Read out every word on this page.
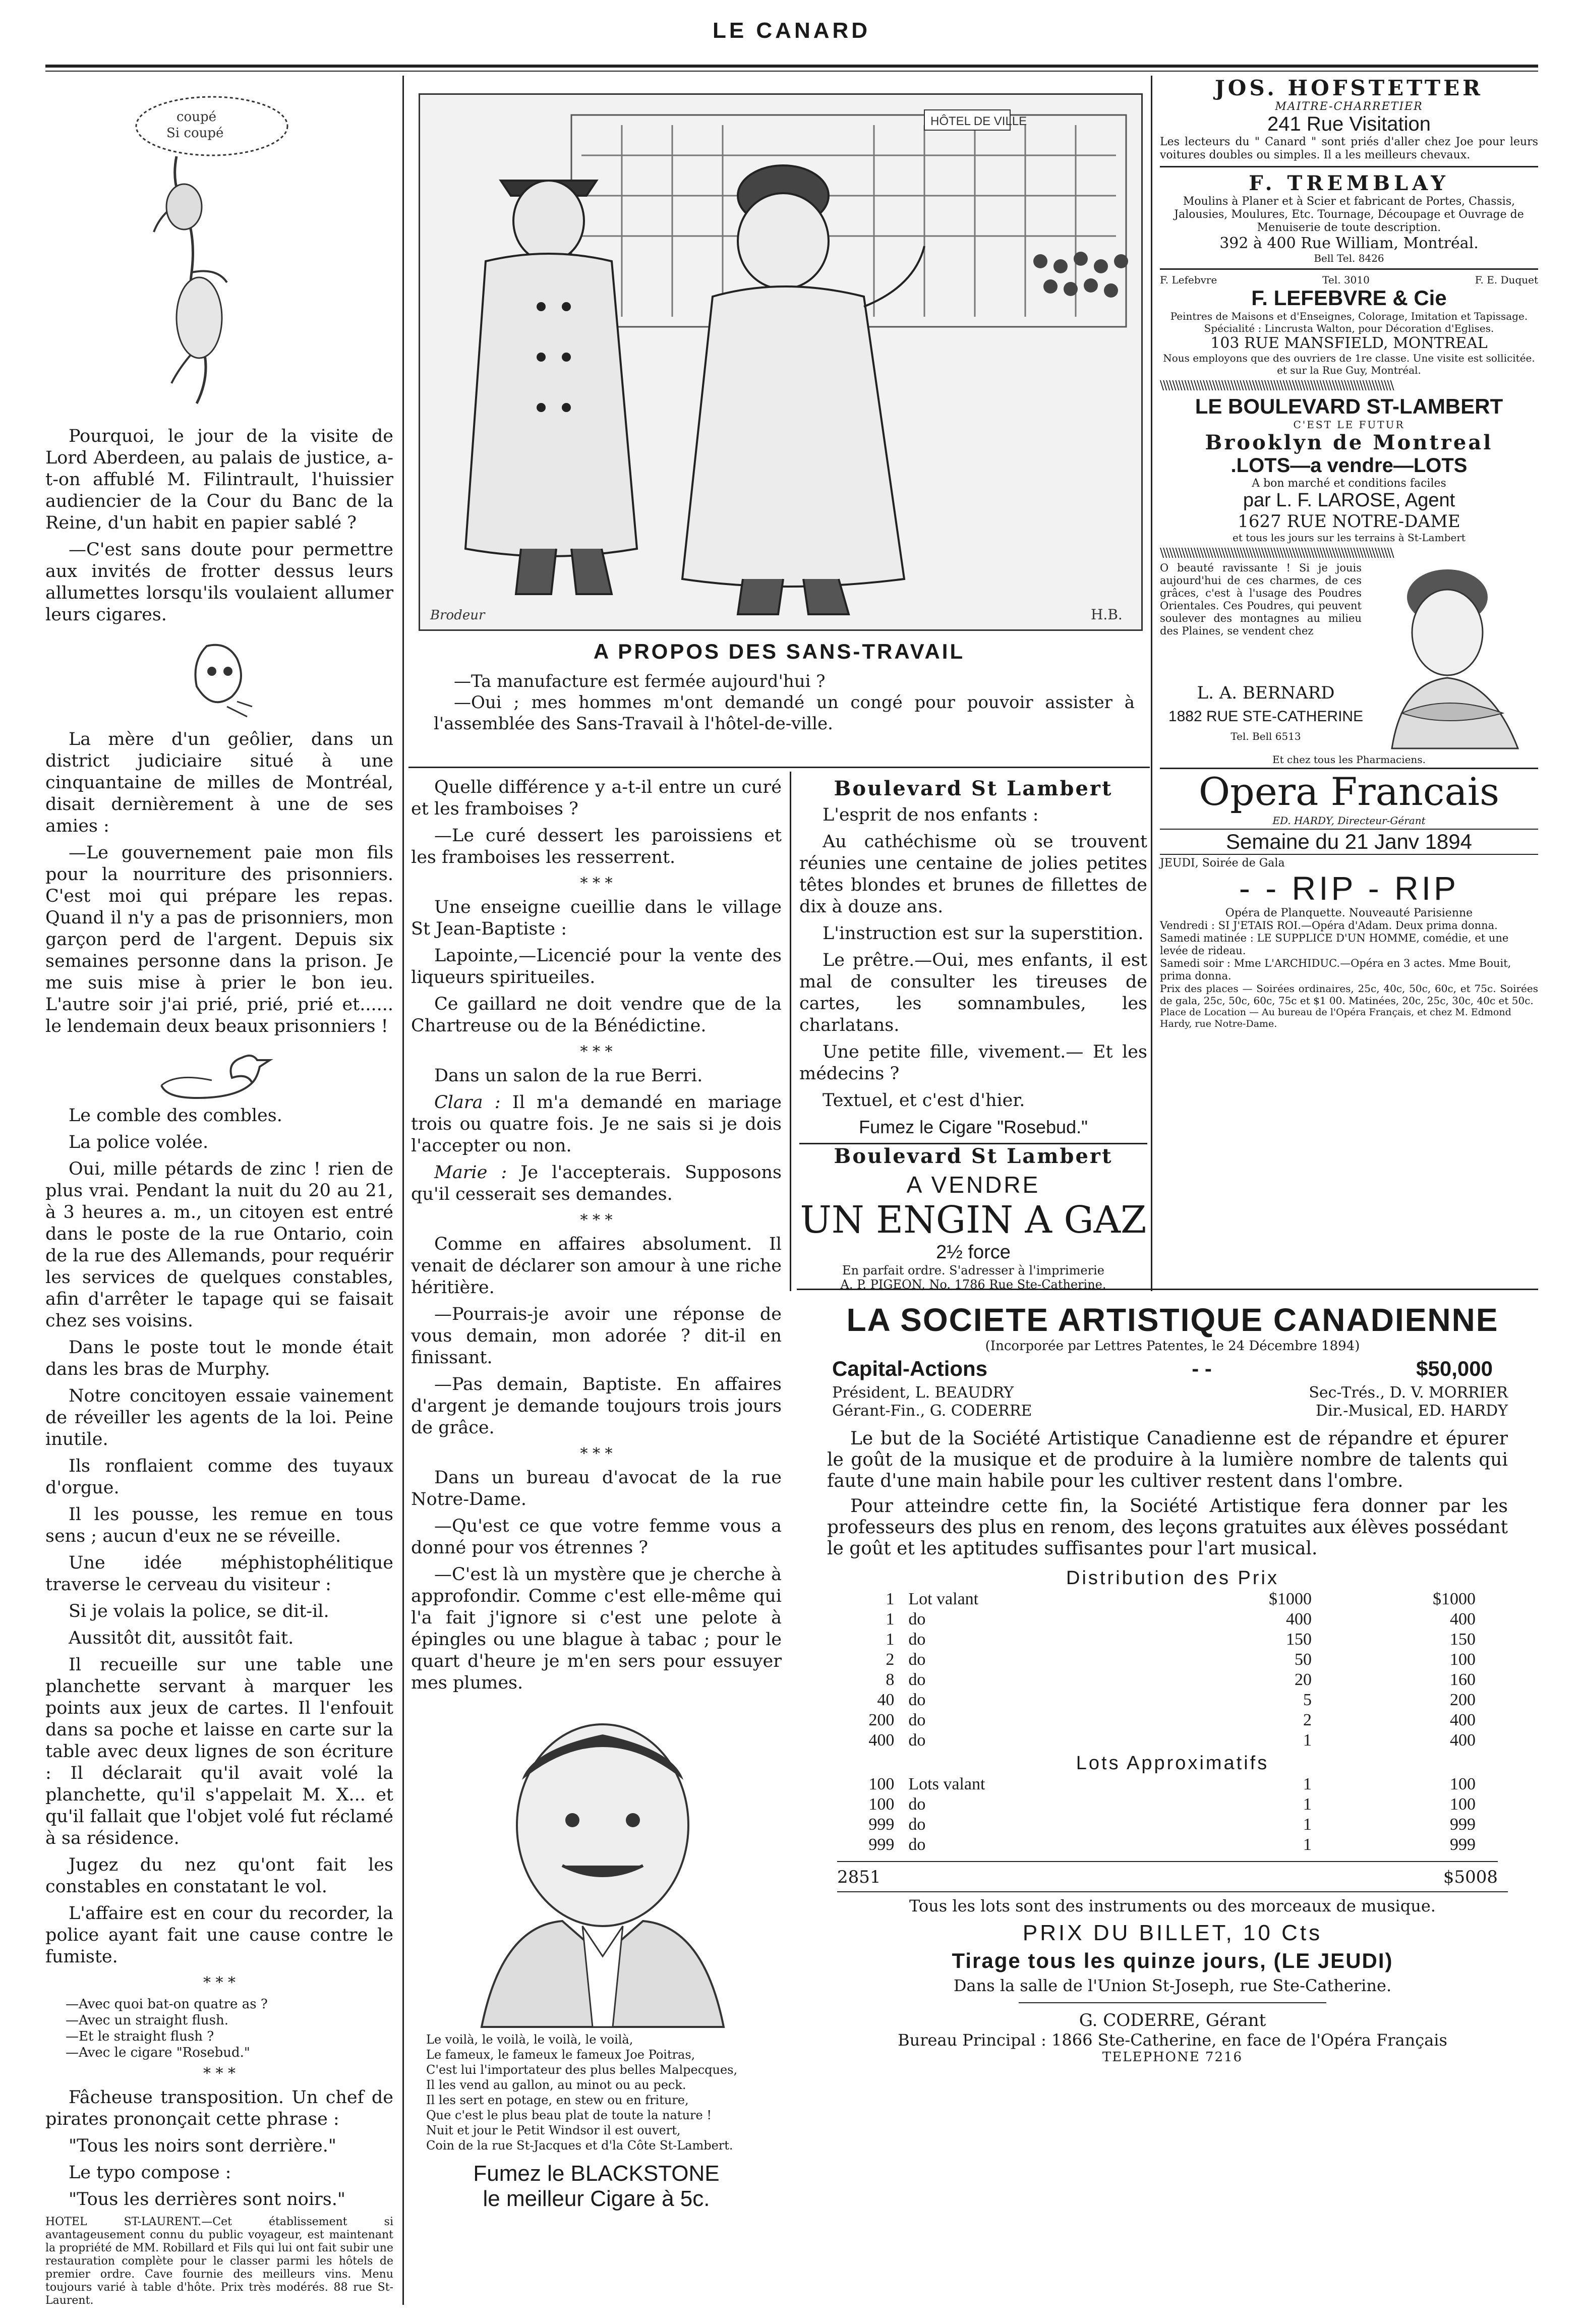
LE CANARD
coupé
Si coupé

Pourquoi, le jour de la visite de Lord Aberdeen, au palais de justice, a-t-on affublé M. Filintrault, l'huissier audiencier de la Cour du Banc de la Reine, d'un habit en papier sablé ?

—C'est sans doute pour permettre aux invités de frotter dessus leurs allumettes lorsqu'ils voulaient allumer leurs cigares.

La mère d'un geôlier, dans un district judiciaire situé à une cinquantaine de milles de Montréal, disait dernièrement à une de ses amies :

—Le gouvernement paie mon fils pour la nourriture des prisonniers. C'est moi qui prépare les repas. Quand il n'y a pas de prisonniers, mon garçon perd de l'argent. Depuis six semaines personne dans la prison. Je me suis mise à prier le bon ieu. L'autre soir j'ai prié, prié, prié et...... le lendemain deux beaux prisonniers !

Le comble des combles.

La police volée.

Oui, mille pétards de zinc ! rien de plus vrai. Pendant la nuit du 20 au 21, à 3 heures a. m., un citoyen est entré dans le poste de la rue Ontario, coin de la rue des Allemands, pour requérir les services de quelques constables, afin d'arrêter le tapage qui se faisait chez ses voisins.

Dans le poste tout le monde était dans les bras de Murphy.

Notre concitoyen essaie vainement de réveiller les agents de la loi. Peine inutile.

Ils ronflaient comme des tuyaux d'orgue.

Il les pousse, les remue en tous sens ; aucun d'eux ne se réveille.

Une idée méphistophélitique traverse le cerveau du visiteur :

Si je volais la police, se dit-il.

Aussitôt dit, aussitôt fait.

Il recueille sur une table une planchette servant à marquer les points aux jeux de cartes. Il l'enfouit dans sa poche et laisse en carte sur la table avec deux lignes de son écriture : Il déclarait qu'il avait volé la planchette, qu'il s'appelait M. X... et qu'il fallait que l'objet volé fut réclamé à sa résidence.

Jugez du nez qu'ont fait les constables en constatant le vol.

L'affaire est en cour du recorder, la police ayant fait une cause contre le fumiste.

* * *
—Avec quoi bat-on quatre as ?
—Avec un straight flush.
—Et le straight flush ?
—Avec le cigare "Rosebud."
* * *

Fâcheuse transposition. Un chef de pirates prononçait cette phrase :

"Tous les noirs sont derrière."

Le typo compose :

"Tous les derrières sont noirs."

HOTEL ST-LAURENT.—Cet établissement si avantageusement connu du public voyageur, est maintenant la propriété de MM. Robillard et Fils qui lui ont fait subir une restauration complète pour le classer parmi les hôtels de premier ordre. Cave fournie des meilleurs vins. Menu toujours varié à table d'hôte. Prix très modérés. 88 rue St-Laurent.

HÔTEL DE VILLE
Brodeur	H.B.
A PROPOS DES SANS-TRAVAIL
—Ta manufacture est fermée aujourd'hui ?
—Oui ; mes hommes m'ont demandé un congé pour pouvoir assister à l'assemblée des Sans-Travail à l'hôtel-de-ville.

Quelle différence y a-t-il entre un curé et les framboises ?

—Le curé dessert les paroissiens et les framboises les resserrent.

* * *

Une enseigne cueillie dans le village St Jean-Baptiste :

Lapointe,—Licencié pour la vente des liqueurs spiritueiles.

Ce gaillard ne doit vendre que de la Chartreuse ou de la Bénédictine.

* * *

Dans un salon de la rue Berri.

Clara : Il m'a demandé en mariage trois ou quatre fois. Je ne sais si je dois l'accepter ou non.

Marie : Je l'accepterais. Supposons qu'il cesserait ses demandes.

* * *

Comme en affaires absolument. Il venait de déclarer son amour à une riche héritière.

—Pourrais-je avoir une réponse de vous demain, mon adorée ? dit-il en finissant.

—Pas demain, Baptiste. En affaires d'argent je demande toujours trois jours de grâce.

* * *

Dans un bureau d'avocat de la rue Notre-Dame.

—Qu'est ce que votre femme vous a donné pour vos étrennes ?

—C'est là un mystère que je cherche à approfondir. Comme c'est elle-même qui l'a fait j'ignore si c'est une pelote à épingles ou une blague à tabac ; pour le quart d'heure je m'en sers pour essuyer mes plumes.

Le voilà, le voilà, le voilà, le voilà,
Le fameux, le fameux le fameux Joe Poitras,
C'est lui l'importateur des plus belles Malpecques,
Il les vend au gallon, au minot ou au peck.
Il les sert en potage, en stew ou en friture,
Que c'est le plus beau plat de toute la nature !
Nuit et jour le Petit Windsor il est ouvert,
Coin de la rue St-Jacques et d'la Côte St-Lambert.
Fumez le BLACKSTONE
le meilleur Cigare à 5c.
Boulevard St Lambert

L'esprit de nos enfants :

Au cathéchisme où se trouvent réunies une centaine de jolies petites têtes blondes et brunes de fillettes de dix à douze ans.

L'instruction est sur la superstition.

Le prêtre.—Oui, mes enfants, il est mal de consulter les tireuses de cartes, les somnambules, les charlatans.

Une petite fille, vivement.— Et les médecins ?

Textuel, et c'est d'hier.

Fumez le Cigare "Rosebud."
Boulevard St Lambert
A VENDRE
UN ENGIN A GAZ
2½ force
En parfait ordre. S'adresser à l'imprimerie
A. P. PIGEON, No. 1786 Rue Ste-Catherine.
JOS. HOFSTETTER
MAITRE-CHARRETIER
241 Rue Visitation
Les lecteurs du " Canard " sont priés d'aller chez Joe pour leurs voitures doubles ou simples. Il a les meilleurs chevaux.
F. TREMBLAY
Moulins à Planer et à Scier et fabricant de Portes, Chassis, Jalousies, Moulures, Etc. Tournage, Découpage et Ouvrage de Menuiserie de toute description.
392 à 400 Rue William, Montréal.
Bell Tel. 8426
F. Lefebvre	Tel. 3010	F. E. Duquet
F. LEFEBVRE & Cie
Peintres de Maisons et d'Enseignes, Colorage, Imitation et Tapissage. Spécialité : Lincrusta Walton, pour Décoration d'Eglises.
103 RUE MANSFIELD, MONTREAL
Nous employons que des ouvriers de 1re classe. Une visite est sollicitée. et sur la Rue Guy, Montréal.
\\\\\\\\\\\\\\\\\\\\\\\\\\\\\\\\\\\\\\\\\\\\\\\\\\\\\\\\\\\\\\\\\\\\\\\\\\\\
LE BOULEVARD ST-LAMBERT
C'EST LE FUTUR
Brooklyn de Montreal
.LOTS—a vendre—LOTS
A bon marché et conditions faciles
par L. F. LAROSE, Agent
1627 RUE NOTRE-DAME
et tous les jours sur les terrains à St-Lambert
\\\\\\\\\\\\\\\\\\\\\\\\\\\\\\\\\\\\\\\\\\\\\\\\\\\\\\\\\\\\\\\\\\\\\\\\\\\\
O beauté ravissante ! Si je jouis aujourd'hui de ces charmes, de ces grâces, c'est à l'usage des Poudres Orientales. Ces Poudres, qui peuvent soulever des montagnes au milieu des Plaines, se vendent chez
L. A. BERNARD
1882 RUE STE-CATHERINE
Tel. Bell 6513
Et chez tous les Pharmaciens.
Opera Francais
ED. HARDY, Directeur-Gérant
Semaine du 21 Janv 1894
JEUDI, Soirée de Gala
- - RIP - RIP
Opéra de Planquette. Nouveauté Parisienne
Vendredi : SI J'ETAIS ROI.—Opéra d'Adam. Deux prima donna.
Samedi matinée : LE SUPPLICE D'UN HOMME, comédie, et une levée de rideau.
Samedi soir : Mme L'ARCHIDUC.—Opéra en 3 actes. Mme Bouit, prima donna.
Prix des places — Soirées ordinaires, 25c, 40c, 50c, 60c, et 75c. Soirées de gala, 25c, 50c, 60c, 75c et $1 00. Matinées, 20c, 25c, 30c, 40c et 50c.
Place de Location — Au bureau de l'Opéra Français, et chez M. Edmond Hardy, rue Notre-Dame.
LA SOCIETE ARTISTIQUE CANADIENNE
(Incorporée par Lettres Patentes, le 24 Décembre 1894)
Capital-Actions	- -	$50,000
Président, L. BEAUDRY	Sec-Trés., D. V. MORRIER
Gérant-Fin., G. CODERRE	Dir.-Musical, ED. HARDY

Le but de la Société Artistique Canadienne est de répandre et épurer le goût de la musique et de produire à la lumière nombre de talents qui faute d'une main habile pour les cultiver restent dans l'ombre.

Pour atteindre cette fin, la Société Artistique fera donner par les professeurs des plus en renom, des leçons gratuites aux élèves possédant le goût et les aptitudes suffisantes pour l'art musical.

Distribution des Prix
1	Lot valant	$1000	$1000
1	do	400	400
1	do	150	150
2	do	50	100
8	do	20	160
40	do	5	200
200	do	2	400
400	do	1	400
Lots Approximatifs
100	Lots valant	1	100
100	do	1	100
999	do	1	999
999	do	1	999
2851	$5008
Tous les lots sont des instruments ou des morceaux de musique.
PRIX DU BILLET, 10 Cts
Tirage tous les quinze jours, (LE JEUDI)
Dans la salle de l'Union St-Joseph, rue Ste-Catherine.
G. CODERRE, Gérant
Bureau Principal : 1866 Ste-Catherine, en face de l'Opéra Français
TELEPHONE 7216
